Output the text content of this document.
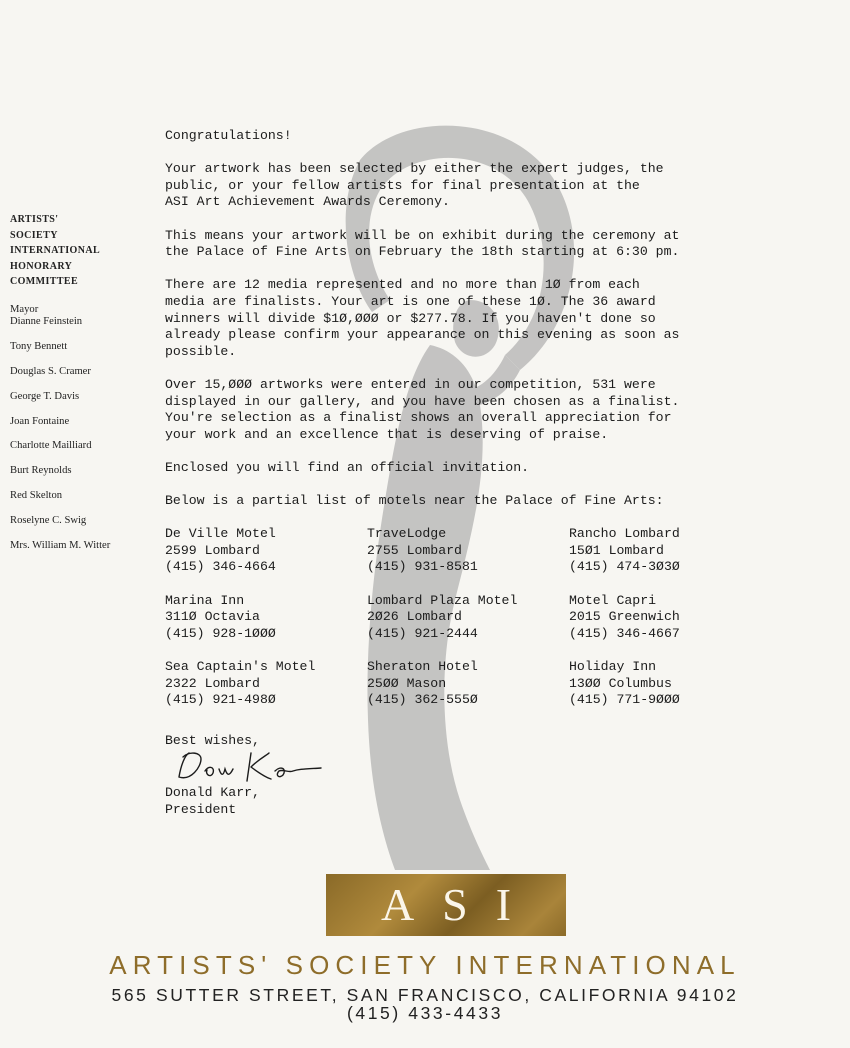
ARTISTS'
SOCIETY
INTERNATIONAL
HONORARY
COMMITTEE
Mayor
Dianne Feinstein
Tony Bennett
Douglas S. Cramer
George T. Davis
Joan Fontaine
Charlotte Mailliard
Burt Reynolds
Red Skelton
Roselyne C. Swig
Mrs. William M. Witter
Congratulations!
Your artwork has been selected by either the expert judges, the
public, or your fellow artists for final presentation at the
ASI Art Achievement Awards Ceremony.
This means your artwork will be on exhibit during the ceremony at
the Palace of Fine Arts on February the 18th starting at 6:30 pm.
There are 12 media represented and no more than 1Ø from each
media are finalists. Your art is one of these 1Ø. The 36 award
winners will divide $1Ø,ØØØ or $277.78. If you haven't done so
already please confirm your appearance on this evening as soon as
possible.
Over 15,ØØØ artworks were entered in our competition, 531 were
displayed in our gallery, and you have been chosen as a finalist.
You're selection as a finalist shows an overall appreciation for
your work and an excellence that is deserving of praise.
Enclosed you will find an official invitation.
Below is a partial list of motels near the Palace of Fine Arts:
De Ville Motel
2599 Lombard
(415) 346-4664
TraveLodge
2755 Lombard
(415) 931-8581
Rancho Lombard
15Ø1 Lombard
(415) 474-3Ø3Ø
Marina Inn
311Ø Octavia
(415) 928-1ØØØ
Lombard Plaza Motel
2Ø26 Lombard
(415) 921-2444
Motel Capri
2015 Greenwich
(415) 346-4667
Sea Captain's Motel
2322 Lombard
(415) 921-498Ø
Sheraton Hotel
25ØØ Mason
(415) 362-555Ø
Holiday Inn
13ØØ Columbus
(415) 771-9ØØØ
Best wishes,
Donald Karr,
President
ASI
ARTISTS' SOCIETY INTERNATIONAL
565 SUTTER STREET, SAN FRANCISCO, CALIFORNIA 94102
(415) 433-4433
